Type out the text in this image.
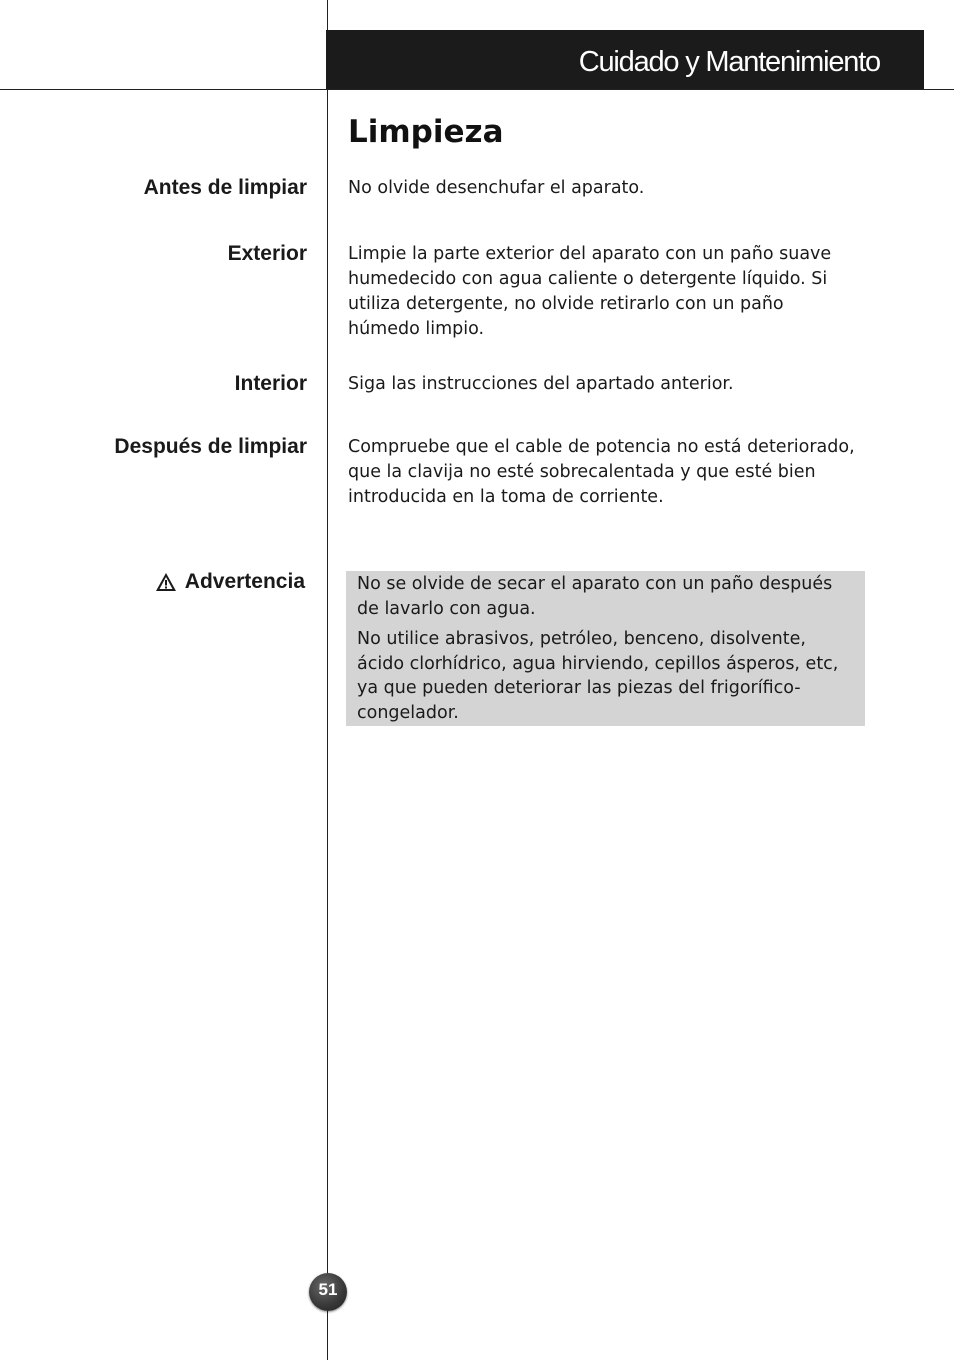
Cuidado y Mantenimiento
Limpieza
Antes de limpiar No olvide desenchufar el aparato.

Exterior Limpie la parte exterior del aparato con un paño suave humedecido con agua caliente o detergente líquido. Si utiliza detergente, no olvide retirarlo con un paño húmedo limpio.

Interior Siga las instrucciones del apartado anterior.

Después de limpiar Compruebe que el cable de potencia no está deteriorado, que la clavija no esté sobrecalentada y que esté bien introducida en la toma de corriente.

Advertencia	No se olvide de secar el aparato con un paño después de lavarlo con agua.

No utilice abrasivos, petróleo, benceno, disolvente, ácido clorhídrico, agua hirviendo, cepillos ásperos, etc, ya que pueden deteriorar las piezas del frigorífico-congelador.

51
